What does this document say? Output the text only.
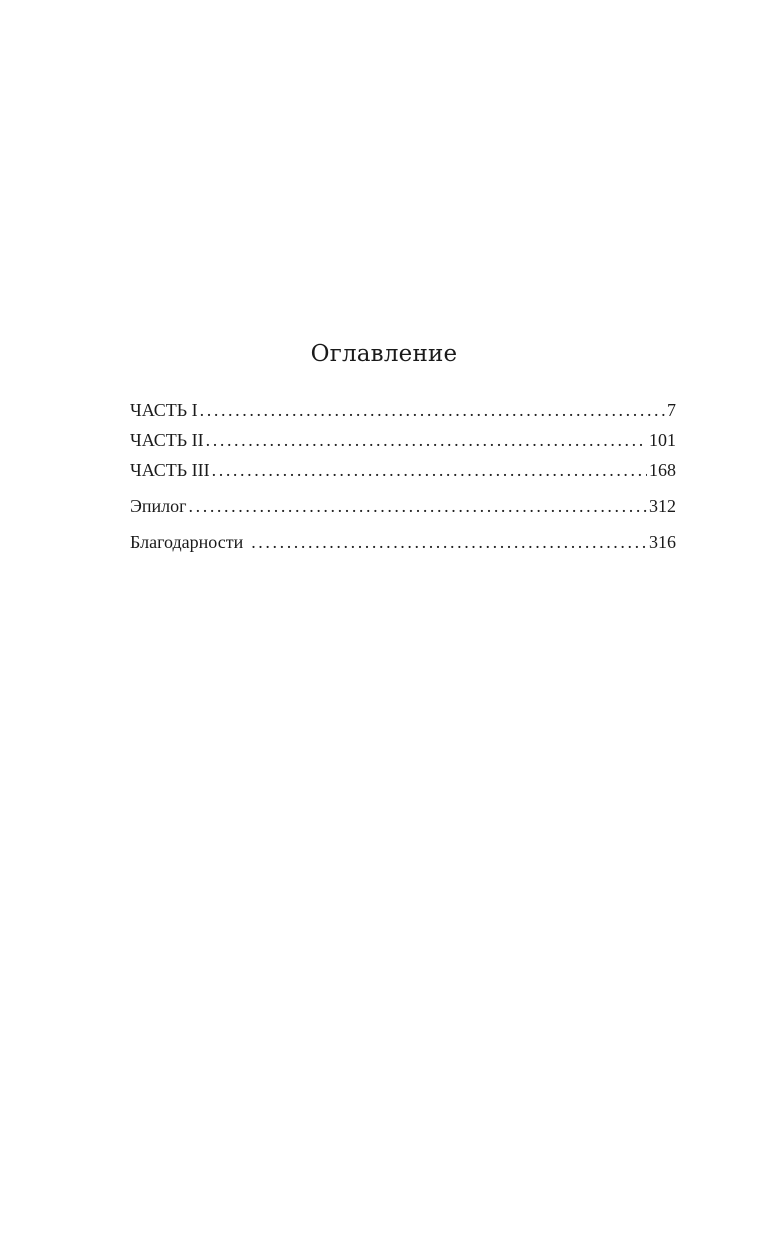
Оглавление
ЧАСТЬ I .....	7
ЧАСТЬ II .....	101
ЧАСТЬ III .....	168
Эпилог .....	312
Благодарности .....	316
